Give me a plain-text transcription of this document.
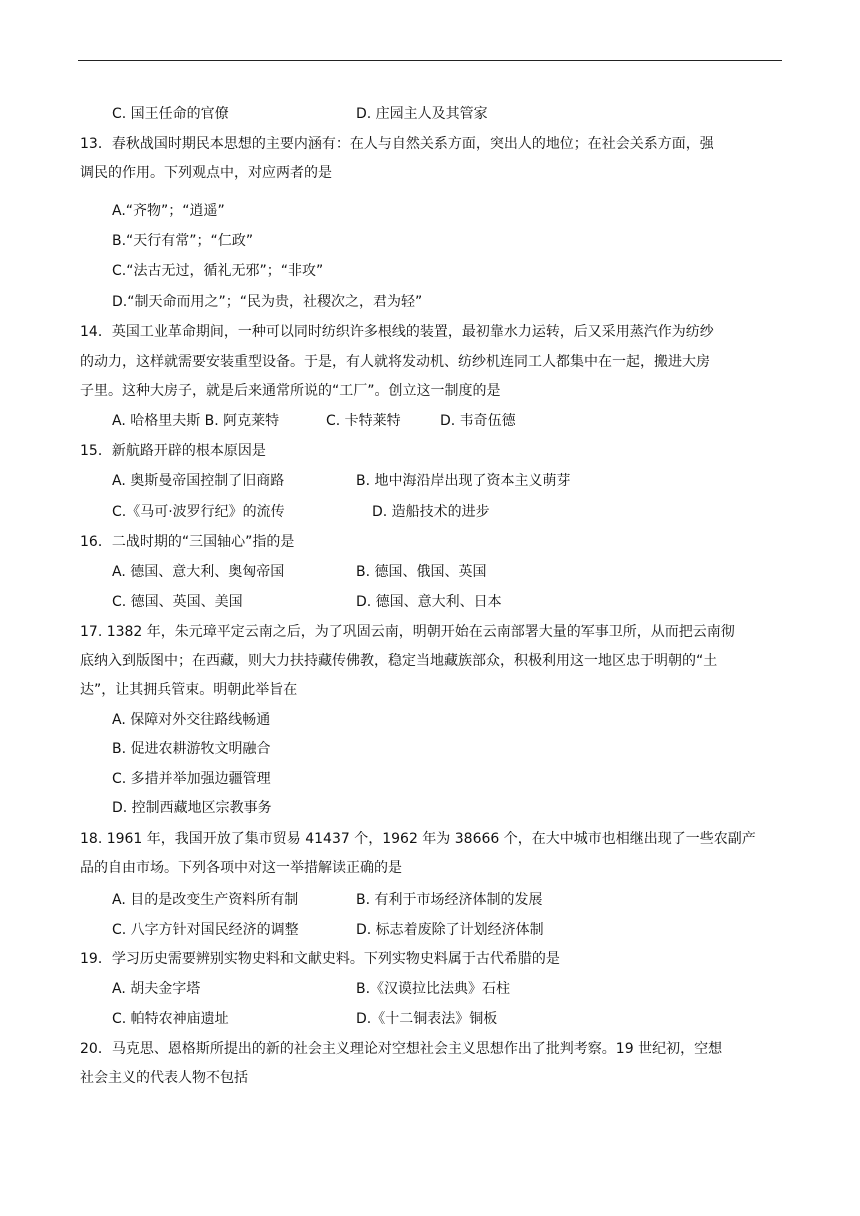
C. 国王任命的官僚	D. 庄园主人及其管家
13．春秋战国时期民本思想的主要内涵有：在人与自然关系方面，突出人的地位；在社会关系方面，强
调民的作用。下列观点中，对应两者的是
A.“齐物”；“逍遥”
B.“天行有常”；“仁政”
C.“法古无过，循礼无邪”；“非攻”
D.“制天命而用之”；“民为贵，社稷次之，君为轻”
14．英国工业革命期间，一种可以同时纺织许多根线的装置，最初靠水力运转，后又采用蒸汽作为纺纱
的动力，这样就需要安装重型设备。于是，有人就将发动机、纺纱机连同工人都集中在一起，搬进大房
子里。这种大房子，就是后来通常所说的“工厂”。创立这一制度的是
A. 哈格里夫斯 B. 阿克莱特	C. 卡特莱特	D. 韦奇伍德
15．新航路开辟的根本原因是
A. 奥斯曼帝国控制了旧商路	B. 地中海沿岸出现了资本主义萌芽
C.《马可·波罗行纪》的流传	D. 造船技术的进步
16．二战时期的“三国轴心”指的是
A. 德国、意大利、奥匈帝国	B. 德国、俄国、英国
C. 德国、英国、美国	D. 德国、意大利、日本
17. 1382 年，朱元璋平定云南之后，为了巩固云南，明朝开始在云南部署大量的军事卫所，从而把云南彻
底纳入到版图中；在西藏，则大力扶持藏传佛教，稳定当地藏族部众，积极利用这一地区忠于明朝的“土
达”，让其拥兵管束。明朝此举旨在
A. 保障对外交往路线畅通
B. 促进农耕游牧文明融合
C. 多措并举加强边疆管理
D. 控制西藏地区宗教事务
18. 1961 年，我国开放了集市贸易 41437 个，1962 年为 38666 个，在大中城市也相继出现了一些农副产
品的自由市场。下列各项中对这一举措解读正确的是
A. 目的是改变生产资料所有制	B. 有利于市场经济体制的发展
C. 八字方针对国民经济的调整	D. 标志着废除了计划经济体制
19．学习历史需要辨别实物史料和文献史料。下列实物史料属于古代希腊的是
A. 胡夫金字塔	B.《汉谟拉比法典》石柱
C. 帕特农神庙遗址	D.《十二铜表法》铜板
20．马克思、恩格斯所提出的新的社会主义理论对空想社会主义思想作出了批判考察。19 世纪初，空想
社会主义的代表人物不包括
